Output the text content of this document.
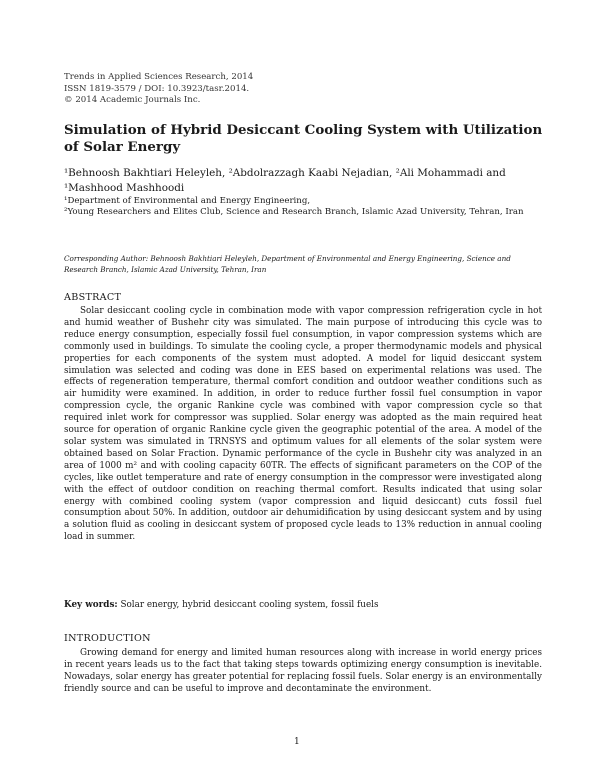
Trends in Applied Sciences Research, 2014
ISSN 1819-3579 / DOI: 10.3923/tasr.2014.
© 2014 Academic Journals Inc.
Simulation of Hybrid Desiccant Cooling System with Utilization of Solar Energy

¹Behnoosh Bakhtiari Heleyleh, ²Abdolrazzagh Kaabi Nejadian, ²Ali Mohammadi and ¹Mashhood Mashhoodi

¹Department of Environmental and Energy Engineering,
²Young Researchers and Elites Club, Science and Research Branch, Islamic Azad University, Tehran, Iran

Corresponding Author: Behnoosh Bakhtiari Heleyleh, Department of Environmental and Energy Engineering, Science and Research Branch, Islamic Azad University, Tehran, Iran

ABSTRACT

Solar desiccant cooling cycle in combination mode with vapor compression refrigeration cycle in hot and humid weather of Bushehr city was simulated. The main purpose of introducing this cycle was to reduce energy consumption, especially fossil fuel consumption, in vapor compression systems which are commonly used in buildings. To simulate the cooling cycle, a proper thermodynamic models and physical properties for each components of the system must adopted. A model for liquid desiccant system simulation was selected and coding was done in EES based on experimental relations was used. The effects of regeneration temperature, thermal comfort condition and outdoor weather conditions such as air humidity were examined. In addition, in order to reduce further fossil fuel consumption in vapor compression cycle, the organic Rankine cycle was combined with vapor compression cycle so that required inlet work for compressor was supplied. Solar energy was adopted as the main required heat source for operation of organic Rankine cycle given the geographic potential of the area. A model of the solar system was simulated in TRNSYS and optimum values for all elements of the solar system were obtained based on Solar Fraction. Dynamic performance of the cycle in Bushehr city was analyzed in an area of 1000 m² and with cooling capacity 60TR. The effects of significant parameters on the COP of the cycles, like outlet temperature and rate of energy consumption in the compressor were investigated along with the effect of outdoor condition on reaching thermal comfort. Results indicated that using solar energy with combined cooling system (vapor compression and liquid desiccant) cuts fossil fuel consumption about 50%. In addition, outdoor air dehumidification by using desiccant system and by using a solution fluid as cooling in desiccant system of proposed cycle leads to 13% reduction in annual cooling load in summer.

Key words: Solar energy, hybrid desiccant cooling system, fossil fuels

INTRODUCTION

Growing demand for energy and limited human resources along with increase in world energy prices in recent years leads us to the fact that taking steps towards optimizing energy consumption is inevitable. Nowadays, solar energy has greater potential for replacing fossil fuels. Solar energy is an environmentally friendly source and can be useful to improve and decontaminate the environment.

1
